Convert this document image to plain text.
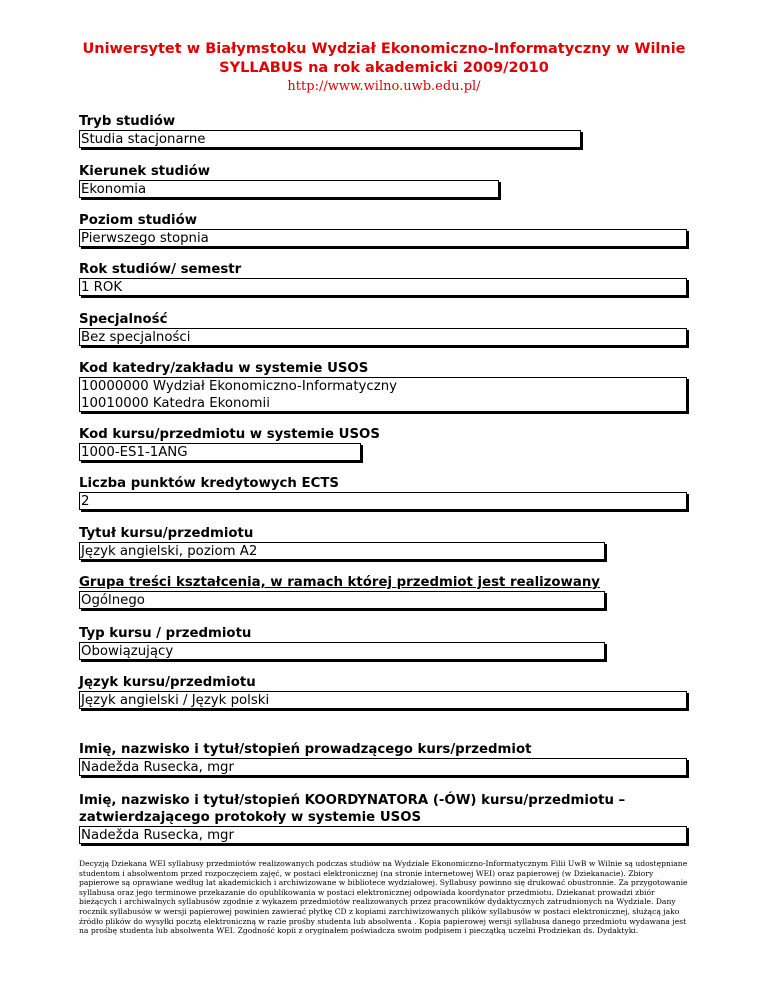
Uniwersytet w Białymstoku Wydział Ekonomiczno-Informatyczny w Wilnie
SYLLABUS na rok akademicki 2009/2010
http://www.wilno.uwb.edu.pl/
Tryb studiów
Studia stacjonarne
Kierunek studiów
Ekonomia
Poziom studiów
Pierwszego stopnia
Rok studiów/ semestr
1 ROK
Specjalność
Bez specjalności
Kod katedry/zakładu w systemie USOS
10000000 Wydział Ekonomiczno-Informatyczny
10010000 Katedra Ekonomii
Kod kursu/przedmiotu w systemie USOS
1000-ES1-1ANG
Liczba punktów kredytowych ECTS
2
Tytuł kursu/przedmiotu
Język angielski, poziom A2
Grupa treści kształcenia, w ramach której przedmiot jest realizowany
Ogólnego
Typ kursu / przedmiotu
Obowiązujący
Język kursu/przedmiotu
Język angielski / Język polski
Imię, nazwisko i tytuł/stopień prowadzącego kurs/przedmiot
Nadežda Rusecka, mgr
Imię, nazwisko i tytuł/stopień KOORDYNATORA (-ÓW) kursu/przedmiotu –
zatwierdzającego protokoły w systemie USOS
Nadežda Rusecka, mgr
Decyzją Dziekana WEI syllabusy przedmiotów realizowanych podczas studiów na Wydziale Ekonomiczno-Informatycznym Filii UwB w Wilnie są udostępniane studentom i absolwentom przed rozpoczęciem zajęć, w postaci elektronicznej (na stronie internetowej WEI) oraz papierowej (w Dziekanacie). Zbiory papierowe są oprawiane według lat akademickich i archiwizowane w bibliotece wydziałowej. Syllabusy powinno się drukować obustronnie. Za przygotowanie syllabusa oraz jego terminowe przekazanie do opublikowania w postaci elektronicznej odpowiada koordynator przedmiotu. Dziekanat prowadzi zbiór bieżących i archiwalnych syllabusów zgodnie z wykazem przedmiotów realizowanych przez pracowników dydaktycznych zatrudnionych na Wydziale. Dany rocznik syllabusów w wersji papierowej powinien zawierać płytkę CD z kopiami zarchiwizowanych plików syllabusów w postaci elektronicznej, służącą jako źródło plików do wysyłki pocztą elektroniczną w razie prośby studenta lub absolwenta . Kopia papierowej wersji syllabusa danego przedmiotu wydawana jest na prośbę studenta lub absolwenta WEI. Zgodność kopii z oryginałem poświadcza swoim podpisem i pieczątką uczelni Prodziekan ds. Dydaktyki.
